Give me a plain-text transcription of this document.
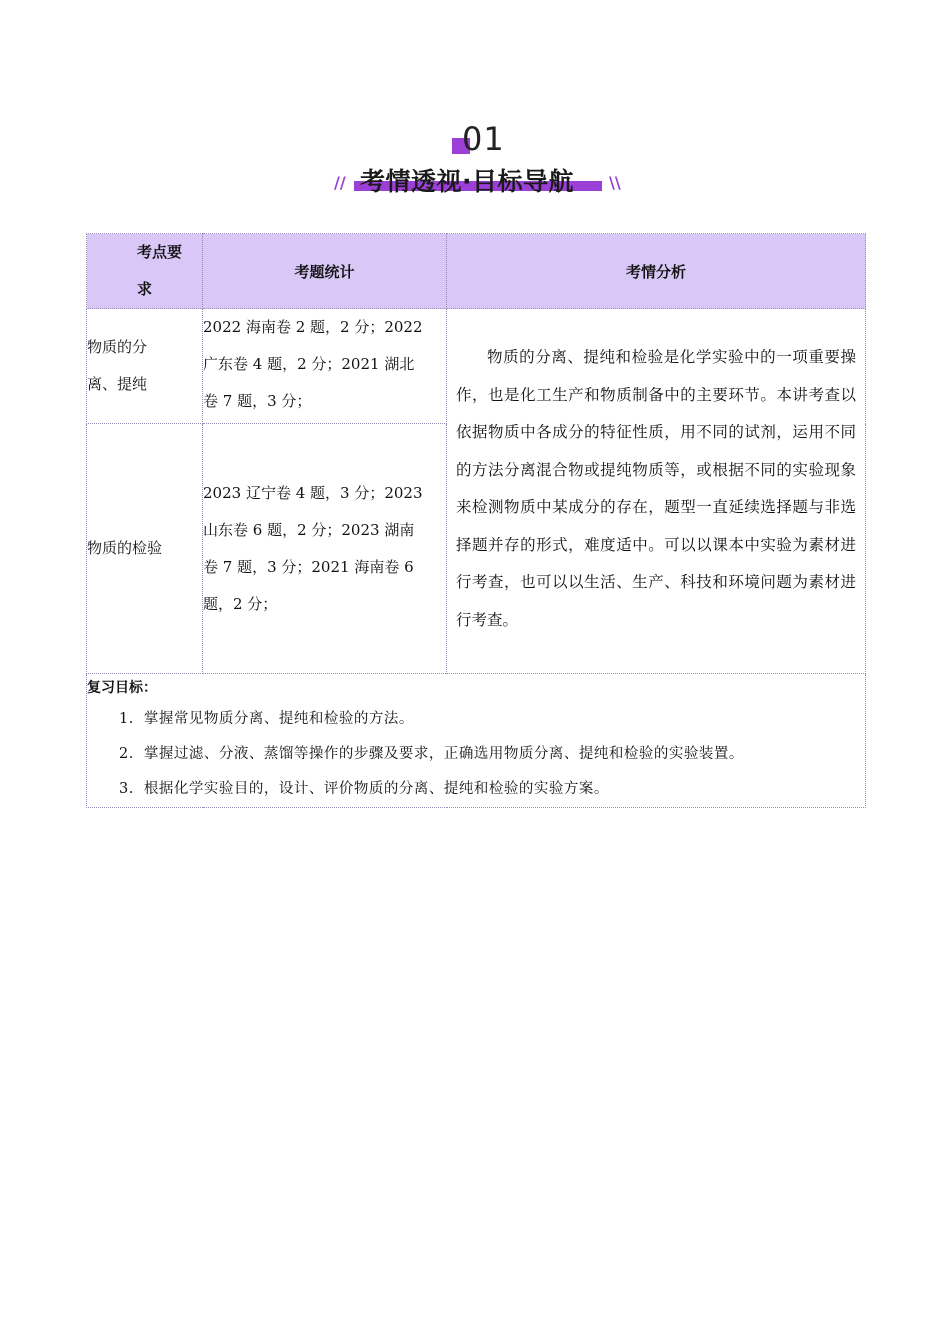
01
// 考情透视·目标导航 \\
考点要
求	考题统计	考情分析
物质的分
离、提纯	2022 海南卷 2 题，2 分；2022
广东卷 4 题，2 分；2021 湖北
卷 7 题，3 分；	物质的分离、提纯和检验是化学实验中的一项重要操作，也是化工生产和物质制备中的主要环节。本讲考查以依据物质中各成分的特征性质，用不同的试剂，运用不同的方法分离混合物或提纯物质等，或根据不同的实验现象来检测物质中某成分的存在，题型一直延续选择题与非选择题并存的形式，难度适中。可以以课本中实验为素材进行考查，也可以以生活、生产、科技和环境问题为素材进行考查。

物质的检验	2023 辽宁卷 4 题，3 分；2023
山东卷 6 题，2 分；2023 湖南
卷 7 题，3 分；2021 海南卷 6
题，2 分；	

复习目标：
1. 掌握常见物质分离、提纯和检验的方法。
2. 掌握过滤、分液、蒸馏等操作的步骤及要求，正确选用物质分离、提纯和检验的实验装置。
3. 根据化学实验目的，设计、评价物质的分离、提纯和检验的实验方案。		
